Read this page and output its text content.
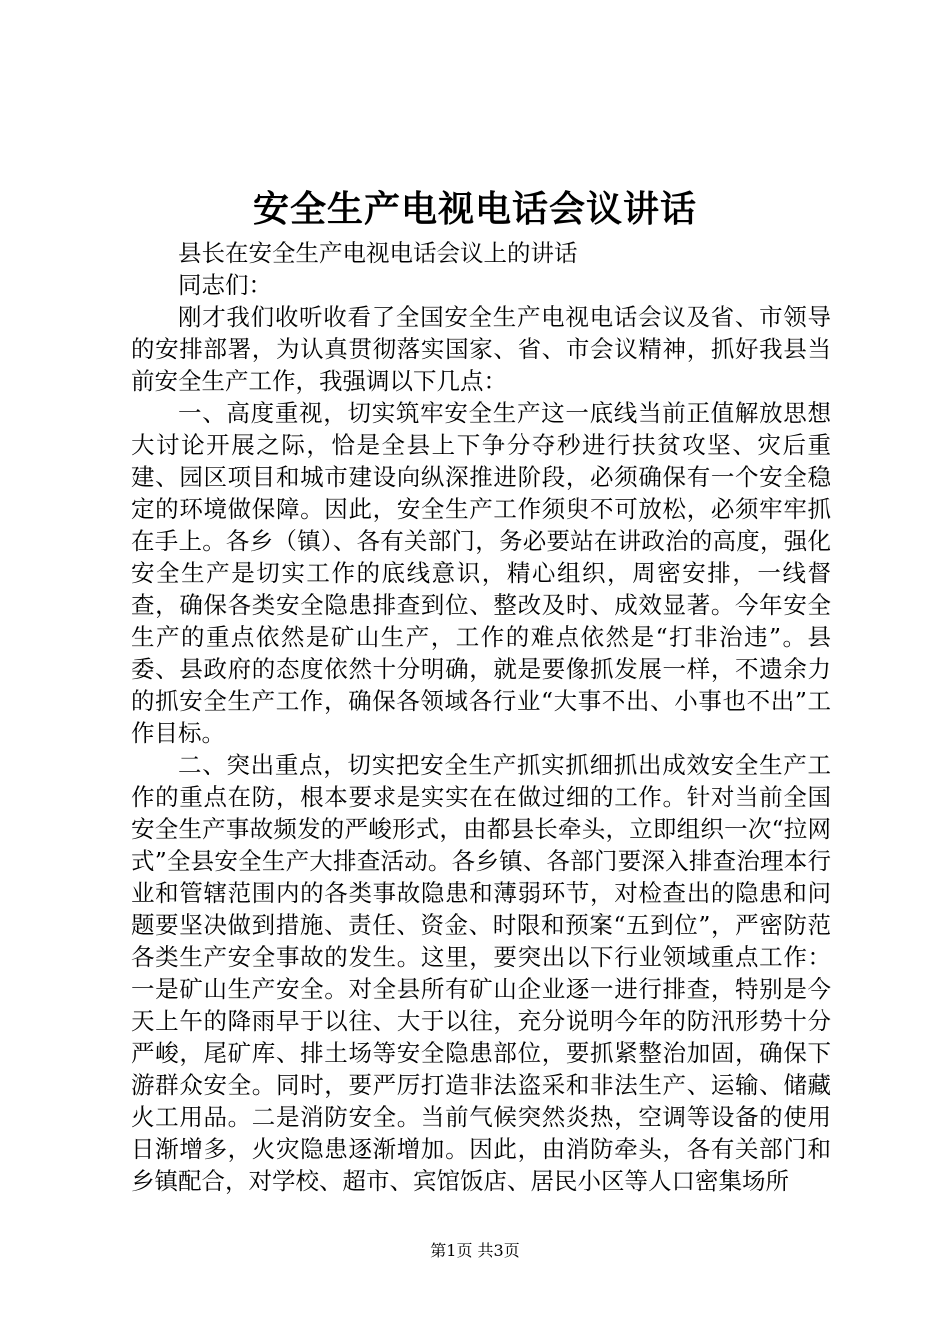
安全生产电视电话会议讲话

县长在安全生产电视电话会议上的讲话

同志们：

刚才我们收听收看了全国安全生产电视电话会议及省、市领导的安排部署，为认真贯彻落实国家、省、市会议精神，抓好我县当前安全生产工作，我强调以下几点：

一、高度重视，切实筑牢安全生产这一底线当前正值解放思想大讨论开展之际，恰是全县上下争分夺秒进行扶贫攻坚、灾后重建、园区项目和城市建设向纵深推进阶段，必须确保有一个安全稳定的环境做保障。因此，安全生产工作须臾不可放松，必须牢牢抓在手上。各乡（镇）、各有关部门，务必要站在讲政治的高度，强化安全生产是切实工作的底线意识，精心组织，周密安排，一线督查，确保各类安全隐患排查到位、整改及时、成效显著。今年安全生产的重点依然是矿山生产，工作的难点依然是“打非治违”。县委、县政府的态度依然十分明确，就是要像抓发展一样，不遗余力的抓安全生产工作，确保各领域各行业“大事不出、小事也不出”工作目标。

二、突出重点，切实把安全生产抓实抓细抓出成效安全生产工作的重点在防，根本要求是实实在在做过细的工作。针对当前全国安全生产事故频发的严峻形式，由都县长牵头，立即组织一次“拉网式”全县安全生产大排查活动。各乡镇、各部门要深入排查治理本行业和管辖范围内的各类事故隐患和薄弱环节，对检查出的隐患和问题要坚决做到措施、责任、资金、时限和预案“五到位”，严密防范各类生产安全事故的发生。这里，要突出以下行业领域重点工作：一是矿山生产安全。对全县所有矿山企业逐一进行排查，特别是今天上午的降雨早于以往、大于以往，充分说明今年的防汛形势十分严峻，尾矿库、排土场等安全隐患部位，要抓紧整治加固，确保下游群众安全。同时，要严厉打造非法盗采和非法生产、运输、储藏火工用品。二是消防安全。当前气候突然炎热，空调等设备的使用日渐增多，火灾隐患逐渐增加。因此，由消防牵头，各有关部门和乡镇配合，对学校、超市、宾馆饭店、居民小区等人口密集场所

第1页 共3页
